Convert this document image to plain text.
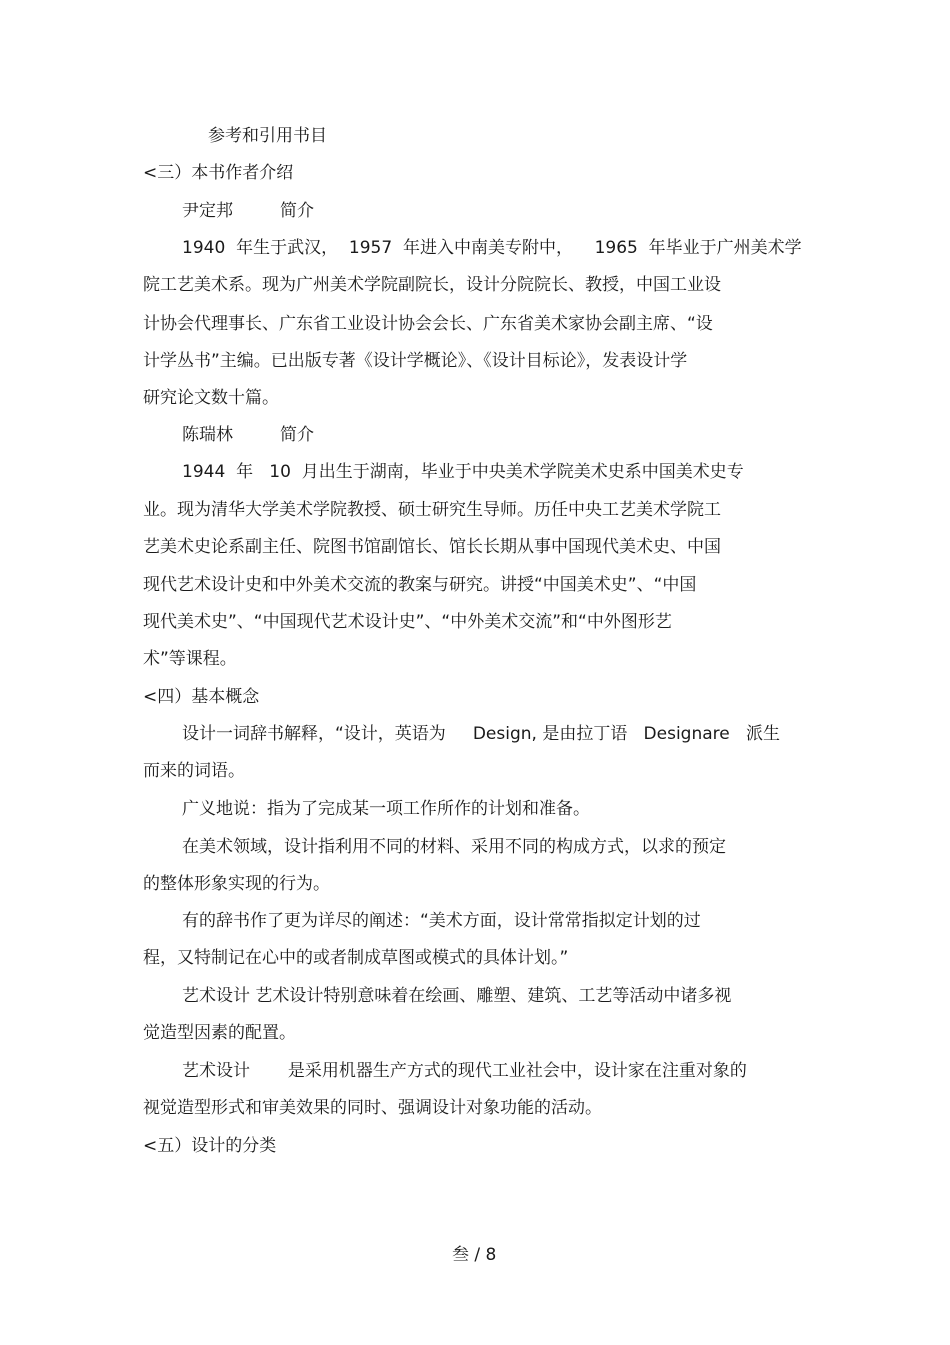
参考和引用书目
<三）本书作者介绍
尹定邦	简介
1940  年生于武汉，  1957  年进入中南美专附中，    1965  年毕业于广州美术学
院工艺美术系。现为广州美术学院副院长，设计分院院长、教授，中国工业设
计协会代理事长、广东省工业设计协会会长、广东省美术家协会副主席、“设
计学丛书”主编。已出版专著《设计学概论》、《设计目标论》，发表设计学
研究论文数十篇。
陈瑞林	简介
1944  年   10  月出生于湖南，毕业于中央美术学院美术史系中国美术史专
业。现为清华大学美术学院教授、硕士研究生导师。历任中央工艺美术学院工
艺美术史论系副主任、院图书馆副馆长、馆长长期从事中国现代美术史、中国
现代艺术设计史和中外美术交流的教案与研究。讲授“中国美术史”、“中国
现代美术史”、“中国现代艺术设计史”、“中外美术交流”和“中外图形艺
术”等课程。
<四）基本概念
设计一词辞书解释，“设计，英语为     Design, 是由拉丁语   Designare   派生
而来的词语。
广义地说：指为了完成某一项工作所作的计划和准备。
在美术领域，设计指利用不同的材料、采用不同的构成方式，以求的预定
的整体形象实现的行为。
有的辞书作了更为详尽的阐述：“美术方面，设计常常指拟定计划的过
程，又特制记在心中的或者制成草图或模式的具体计划。”
艺术设计 艺术设计特别意味着在绘画、雕塑、建筑、工艺等活动中诸多视
觉造型因素的配置。
艺术设计       是采用机器生产方式的现代工业社会中，设计家在注重对象的
视觉造型形式和审美效果的同时、强调设计对象功能的活动。
<五）设计的分类
叁 / 8
